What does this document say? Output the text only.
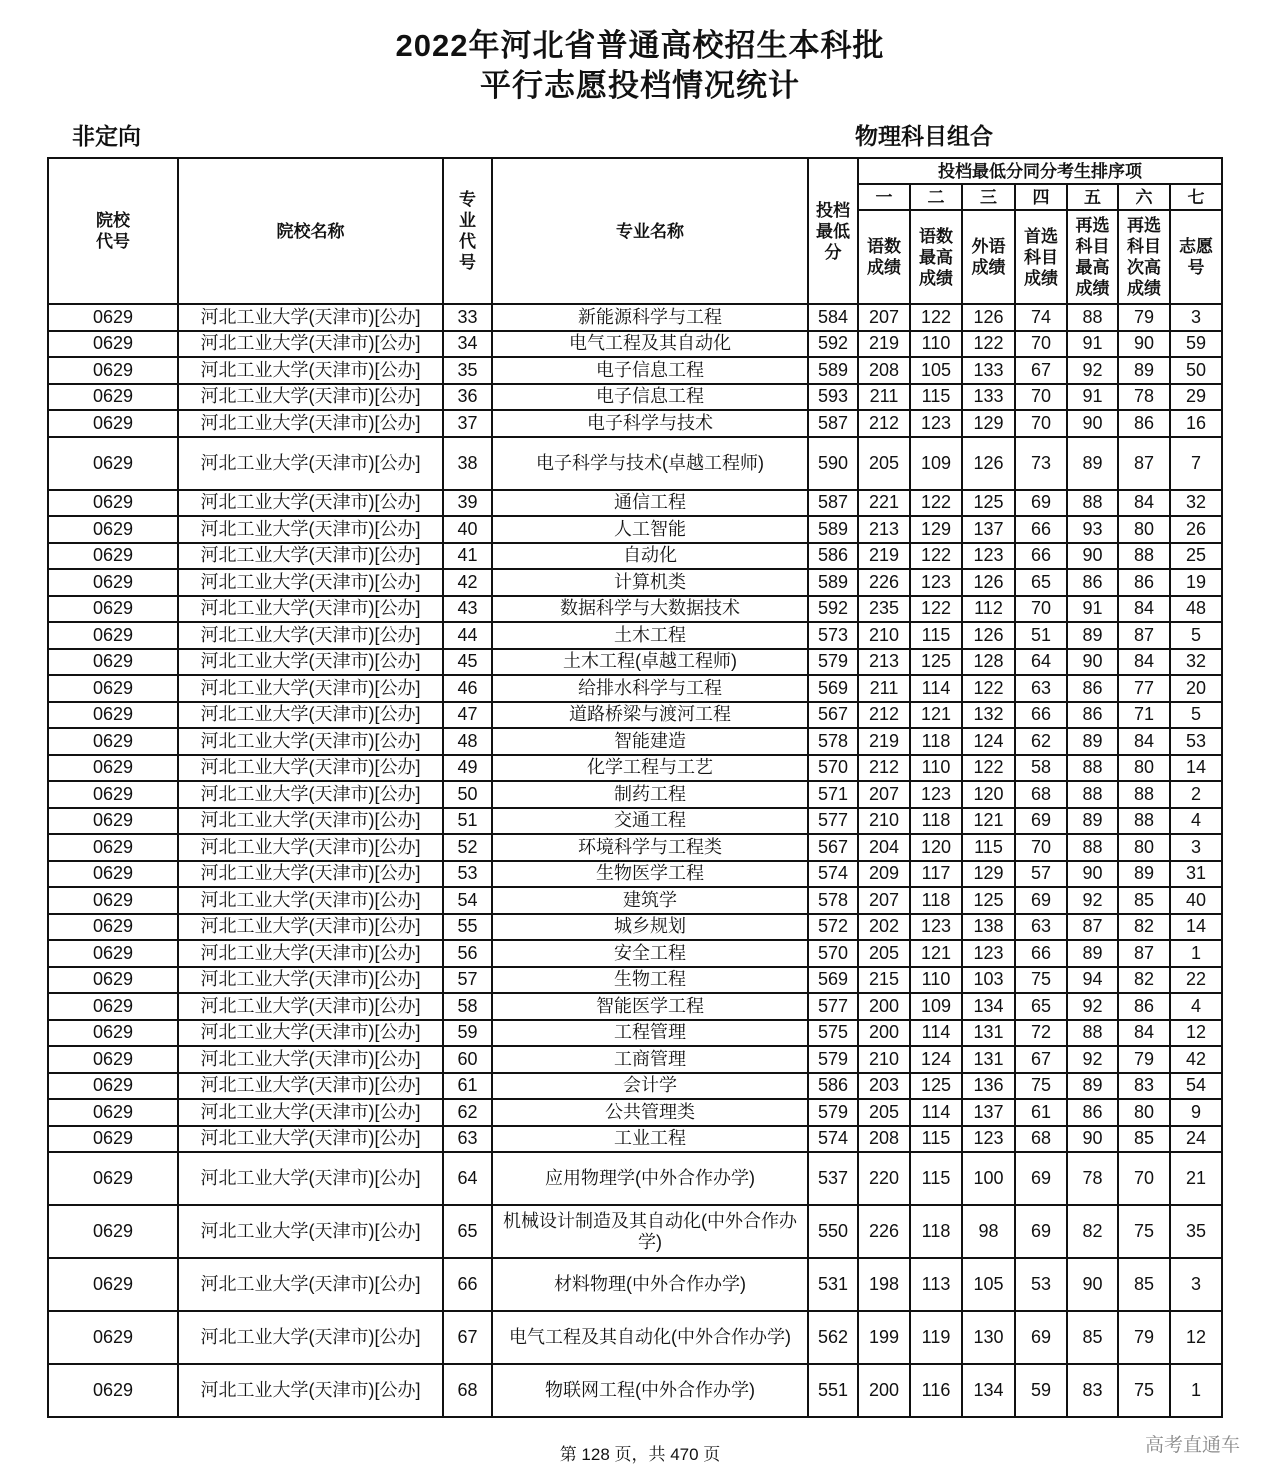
2022年河北省普通高校招生本科批
平行志愿投档情况统计
非定向	物理科目组合
院校代号	院校名称	专业代号	专业名称	投档最低分	投档最低分同分考生排序项						
					一	二	三	四	五	六	七
					语数成绩	语数最高成绩	外语成绩	首选科目成绩	再选科目最高成绩	再选科目次高成绩	志愿号
0629	河北工业大学(天津市)[公办]	33	新能源科学与工程	584	207	122	126	74	88	79	3
0629	河北工业大学(天津市)[公办]	34	电气工程及其自动化	592	219	110	122	70	91	90	59
0629	河北工业大学(天津市)[公办]	35	电子信息工程	589	208	105	133	67	92	89	50
0629	河北工业大学(天津市)[公办]	36	电子信息工程	593	211	115	133	70	91	78	29
0629	河北工业大学(天津市)[公办]	37	电子科学与技术	587	212	123	129	70	90	86	16
0629	河北工业大学(天津市)[公办]	38	电子科学与技术(卓越工程师)	590	205	109	126	73	89	87	7
0629	河北工业大学(天津市)[公办]	39	通信工程	587	221	122	125	69	88	84	32
0629	河北工业大学(天津市)[公办]	40	人工智能	589	213	129	137	66	93	80	26
0629	河北工业大学(天津市)[公办]	41	自动化	586	219	122	123	66	90	88	25
0629	河北工业大学(天津市)[公办]	42	计算机类	589	226	123	126	65	86	86	19
0629	河北工业大学(天津市)[公办]	43	数据科学与大数据技术	592	235	122	112	70	91	84	48
0629	河北工业大学(天津市)[公办]	44	土木工程	573	210	115	126	51	89	87	5
0629	河北工业大学(天津市)[公办]	45	土木工程(卓越工程师)	579	213	125	128	64	90	84	32
0629	河北工业大学(天津市)[公办]	46	给排水科学与工程	569	211	114	122	63	86	77	20
0629	河北工业大学(天津市)[公办]	47	道路桥梁与渡河工程	567	212	121	132	66	86	71	5
0629	河北工业大学(天津市)[公办]	48	智能建造	578	219	118	124	62	89	84	53
0629	河北工业大学(天津市)[公办]	49	化学工程与工艺	570	212	110	122	58	88	80	14
0629	河北工业大学(天津市)[公办]	50	制药工程	571	207	123	120	68	88	88	2
0629	河北工业大学(天津市)[公办]	51	交通工程	577	210	118	121	69	89	88	4
0629	河北工业大学(天津市)[公办]	52	环境科学与工程类	567	204	120	115	70	88	80	3
0629	河北工业大学(天津市)[公办]	53	生物医学工程	574	209	117	129	57	90	89	31
0629	河北工业大学(天津市)[公办]	54	建筑学	578	207	118	125	69	92	85	40
0629	河北工业大学(天津市)[公办]	55	城乡规划	572	202	123	138	63	87	82	14
0629	河北工业大学(天津市)[公办]	56	安全工程	570	205	121	123	66	89	87	1
0629	河北工业大学(天津市)[公办]	57	生物工程	569	215	110	103	75	94	82	22
0629	河北工业大学(天津市)[公办]	58	智能医学工程	577	200	109	134	65	92	86	4
0629	河北工业大学(天津市)[公办]	59	工程管理	575	200	114	131	72	88	84	12
0629	河北工业大学(天津市)[公办]	60	工商管理	579	210	124	131	67	92	79	42
0629	河北工业大学(天津市)[公办]	61	会计学	586	203	125	136	75	89	83	54
0629	河北工业大学(天津市)[公办]	62	公共管理类	579	205	114	137	61	86	80	9
0629	河北工业大学(天津市)[公办]	63	工业工程	574	208	115	123	68	90	85	24
0629	河北工业大学(天津市)[公办]	64	应用物理学(中外合作办学)	537	220	115	100	69	78	70	21
0629	河北工业大学(天津市)[公办]	65	机械设计制造及其自动化(中外合作办学)	550	226	118	98	69	82	75	35
0629	河北工业大学(天津市)[公办]	66	材料物理(中外合作办学)	531	198	113	105	53	90	85	3
0629	河北工业大学(天津市)[公办]	67	电气工程及其自动化(中外合作办学)	562	199	119	130	69	85	79	12
0629	河北工业大学(天津市)[公办]	68	物联网工程(中外合作办学)	551	200	116	134	59	83	75	1
第 128 页，共 470 页	高考直通车
